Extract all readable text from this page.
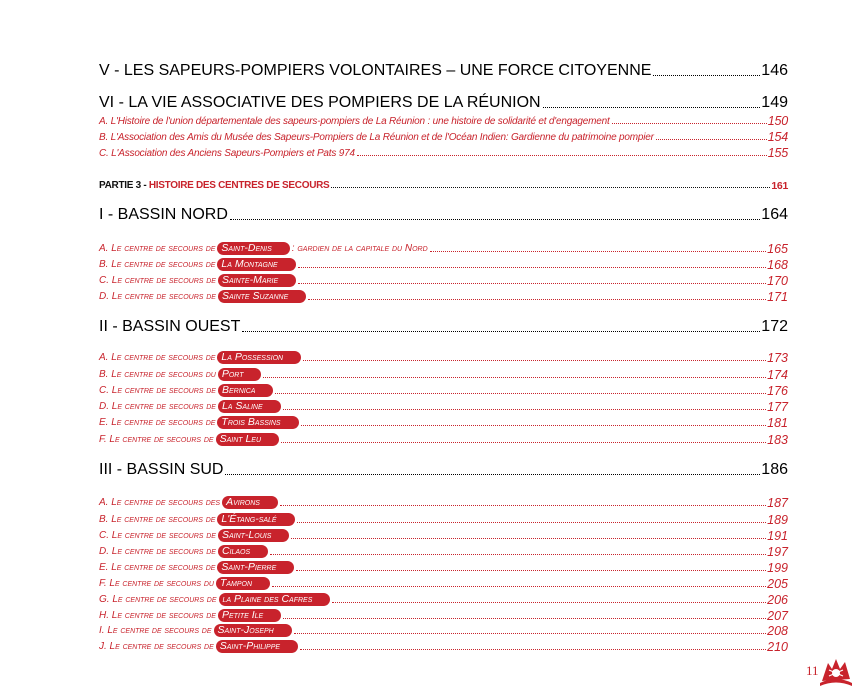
V - LES SAPEURS-POMPIERS VOLONTAIRES – UNE FORCE CITOYENNE	146
VI - LA VIE ASSOCIATIVE DES POMPIERS DE LA RÉUNION	149
A. L'Histoire de l'union départementale des sapeurs-pompiers de La Réunion : une histoire de solidarité et d'engagement	150
B. L'Association des Amis du Musée des Sapeurs-Pompiers de La Réunion et de l'Océan Indien: Gardienne du patrimoine pompier	154
C. L'Association des Anciens Sapeurs-Pompiers et Pats 974	155
PARTIE 3 - HISTOIRE DES CENTRES DE SECOURS	161
I - BASSIN NORD	164
A. Le centre de secours de Saint-Denis : gardien de la capitale du Nord	165
B. Le centre de secours de La Montagne	168
C. Le centre de secours de Sainte-Marie	170
D. Le centre de secours de Sainte Suzanne	171
II - BASSIN OUEST	172
A. Le centre de secours de La Possession	173
B. Le centre de secours du Port	174
C. Le centre de secours de Bernica	176
D. Le centre de secours de La Saline	177
E. Le centre de secours de Trois Bassins	181
F. Le centre de secours de Saint Leu	183
III - BASSIN SUD	186
A. Le centre de secours des Avirons	187
B. Le centre de secours de L'Étang-salé	189
C. Le centre de secours de Saint-Louis	191
D. Le centre de secours de Cilaos	197
E. Le centre de secours de Saint-Pierre	199
F. Le centre de secours du Tampon	205
G. Le centre de secours de la Plaine des Cafres	206
H. Le centre de secours de Petite Ile	207
I. Le centre de secours de Saint-Joseph	208
J. Le centre de secours de Saint-Philippe	210
11
